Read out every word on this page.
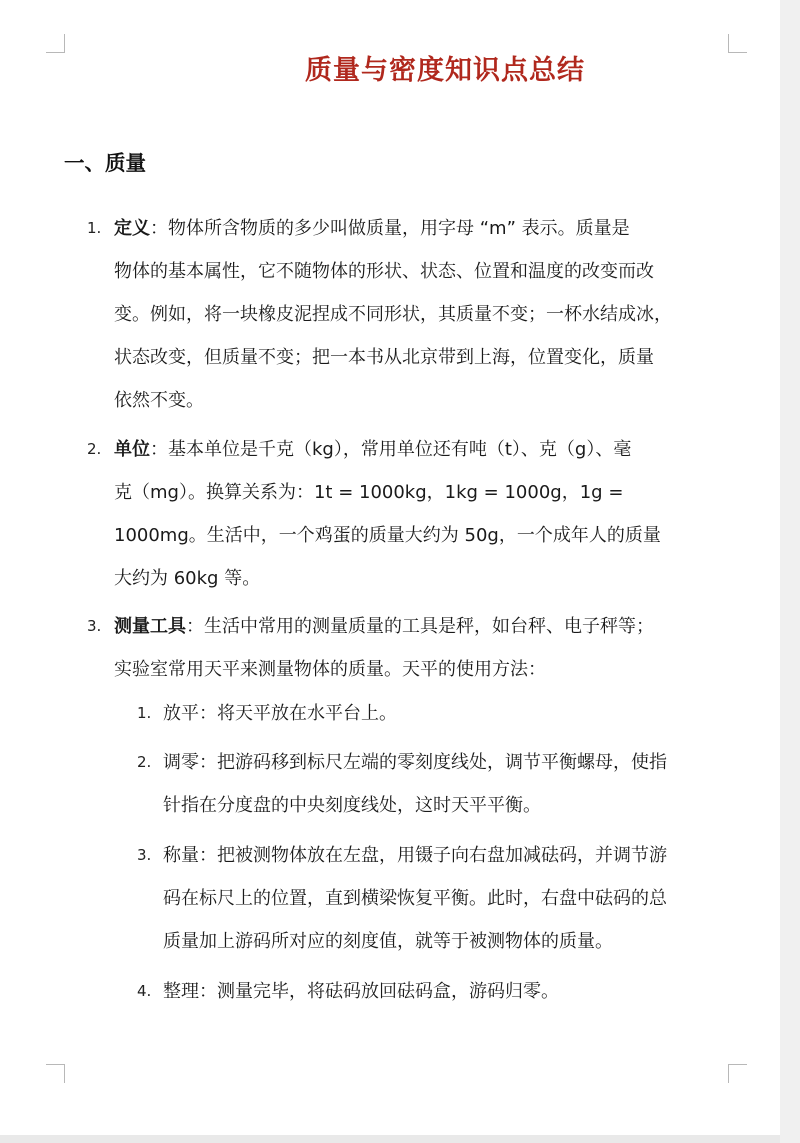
质量与密度知识点总结
一、质量
1. 定义：物体所含物质的多少叫做质量，用字母 “m” 表示。质量是
物体的基本属性，它不随物体的形状、状态、位置和温度的改变而改
变。例如，将一块橡皮泥捏成不同形状，其质量不变；一杯水结成冰，
状态改变，但质量不变；把一本书从北京带到上海，位置变化，质量
依然不变。
2. 单位：基本单位是千克（kg），常用单位还有吨（t）、克（g）、毫
克（mg）。换算关系为：1t = 1000kg，1kg = 1000g，1g =
1000mg。生活中，一个鸡蛋的质量大约为 50g，一个成年人的质量
大约为 60kg 等。
3. 测量工具：生活中常用的测量质量的工具是秤，如台秤、电子秤等；
实验室常用天平来测量物体的质量。天平的使用方法：
1. 放平：将天平放在水平台上。
2. 调零：把游码移到标尺左端的零刻度线处，调节平衡螺母，使指
针指在分度盘的中央刻度线处，这时天平平衡。
3. 称量：把被测物体放在左盘，用镊子向右盘加减砝码，并调节游
码在标尺上的位置，直到横梁恢复平衡。此时，右盘中砝码的总
质量加上游码所对应的刻度值，就等于被测物体的质量。
4. 整理：测量完毕，将砝码放回砝码盒，游码归零。
